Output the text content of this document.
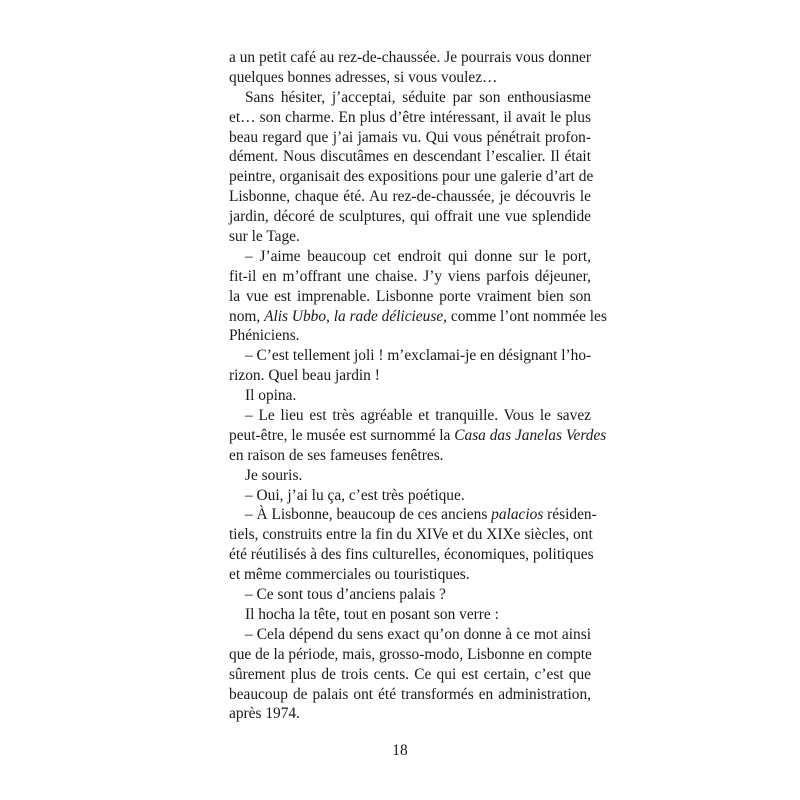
a un petit café au rez-de-chaussée. Je pourrais vous donner
quelques bonnes adresses, si vous voulez…
Sans hésiter, j’acceptai, séduite par son enthousiasme
et… son charme. En plus d’être intéressant, il avait le plus
beau regard que j’ai jamais vu. Qui vous pénétrait profon-
dément. Nous discutâmes en descendant l’escalier. Il était
peintre, organisait des expositions pour une galerie d’art de
Lisbonne, chaque été. Au rez-de-chaussée, je découvris le
jardin, décoré de sculptures, qui offrait une vue splendide
sur le Tage.
– J’aime beaucoup cet endroit qui donne sur le port,
fit-il en m’offrant une chaise. J’y viens parfois déjeuner,
la vue est imprenable. Lisbonne porte vraiment bien son
nom, Alis Ubbo, la rade délicieuse, comme l’ont nommée les
Phéniciens.
– C’est tellement joli ! m’exclamai-je en désignant l’ho-
rizon. Quel beau jardin !
Il opina.
– Le lieu est très agréable et tranquille. Vous le savez
peut-être, le musée est surnommé la Casa das Janelas Verdes
en raison de ses fameuses fenêtres.
Je souris.
– Oui, j’ai lu ça, c’est très poétique.
– À Lisbonne, beaucoup de ces anciens palacios résiden-
tiels, construits entre la fin du XIVe et du XIXe siècles, ont
été réutilisés à des fins culturelles, économiques, politiques
et même commerciales ou touristiques.
– Ce sont tous d’anciens palais ?
Il hocha la tête, tout en posant son verre :
– Cela dépend du sens exact qu’on donne à ce mot ainsi
que de la période, mais, grosso-modo, Lisbonne en compte
sûrement plus de trois cents. Ce qui est certain, c’est que
beaucoup de palais ont été transformés en administration,
après 1974.
18
